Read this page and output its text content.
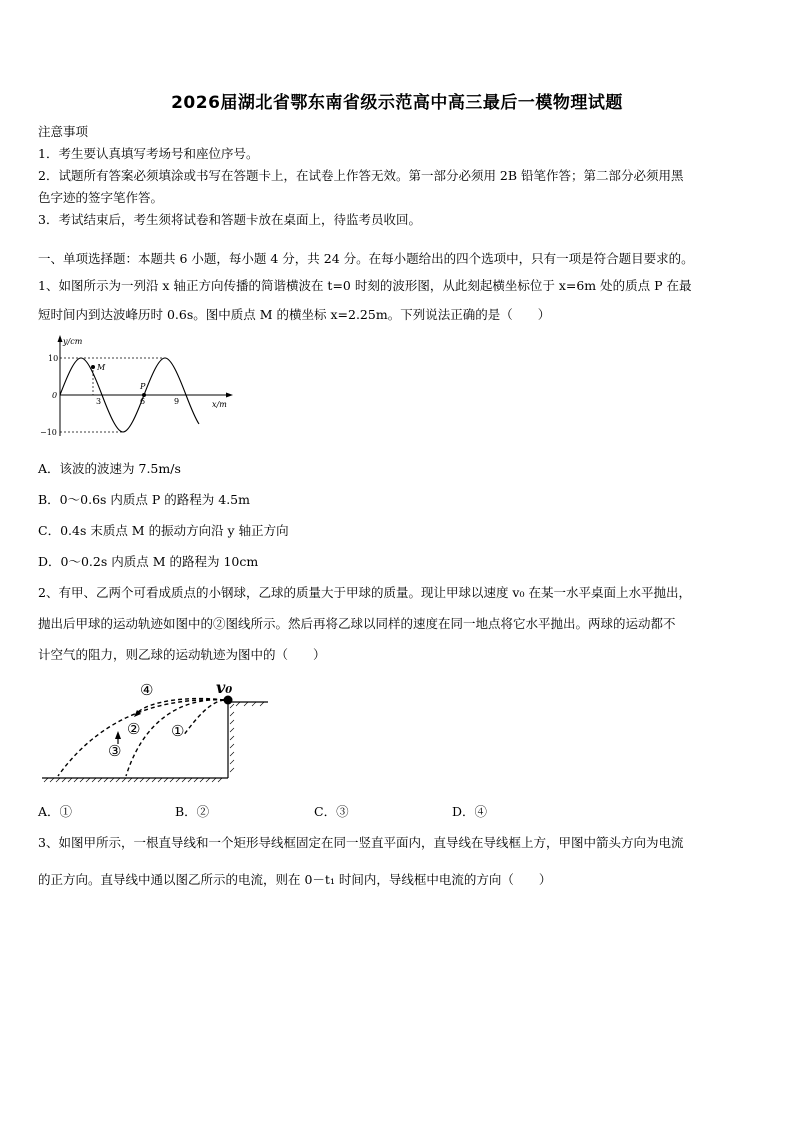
2026届湖北省鄂东南省级示范高中高三最后一模物理试题
注意事项
1．考生要认真填写考场号和座位序号。
2．试题所有答案必须填涂或书写在答题卡上，在试卷上作答无效。第一部分必须用 2B 铅笔作答；第二部分必须用黑
色字迹的签字笔作答。
3．考试结束后，考生须将试卷和答题卡放在桌面上，待监考员收回。
一、单项选择题：本题共 6 小题，每小题 4 分，共 24 分。在每小题给出的四个选项中，只有一项是符合题目要求的。
1、如图所示为一列沿 x 轴正方向传播的简谐横波在 t=0 时刻的波形图，从此刻起横坐标位于 x=6m 处的质点 P 在最
短时间内到达波峰历时 0.6s。图中质点 M 的横坐标 x=2.25m。下列说法正确的是（　　）
y/cm
x/m
10
0
−10
3	6	9
M
P
A．该波的波速为 7.5m/s
B．0～0.6s 内质点 P 的路程为 4.5m
C．0.4s 末质点 M 的振动方向沿 y 轴正方向
D．0～0.2s 内质点 M 的路程为 10cm
2、有甲、乙两个可看成质点的小钢球，乙球的质量大于甲球的质量。现让甲球以速度 v₀ 在某一水平桌面上水平抛出，
抛出后甲球的运动轨迹如图中的②图线所示。然后再将乙球以同样的速度在同一地点将它水平抛出。两球的运动都不
计空气的阻力，则乙球的运动轨迹为图中的（　　）
④
② ①
③
v₀
A．①	B．②	C．③	D．④
3、如图甲所示，一根直导线和一个矩形导线框固定在同一竖直平面内，直导线在导线框上方，甲图中箭头方向为电流
的正方向。直导线中通以图乙所示的电流，则在 0－t₁ 时间内，导线框中电流的方向（　　）
